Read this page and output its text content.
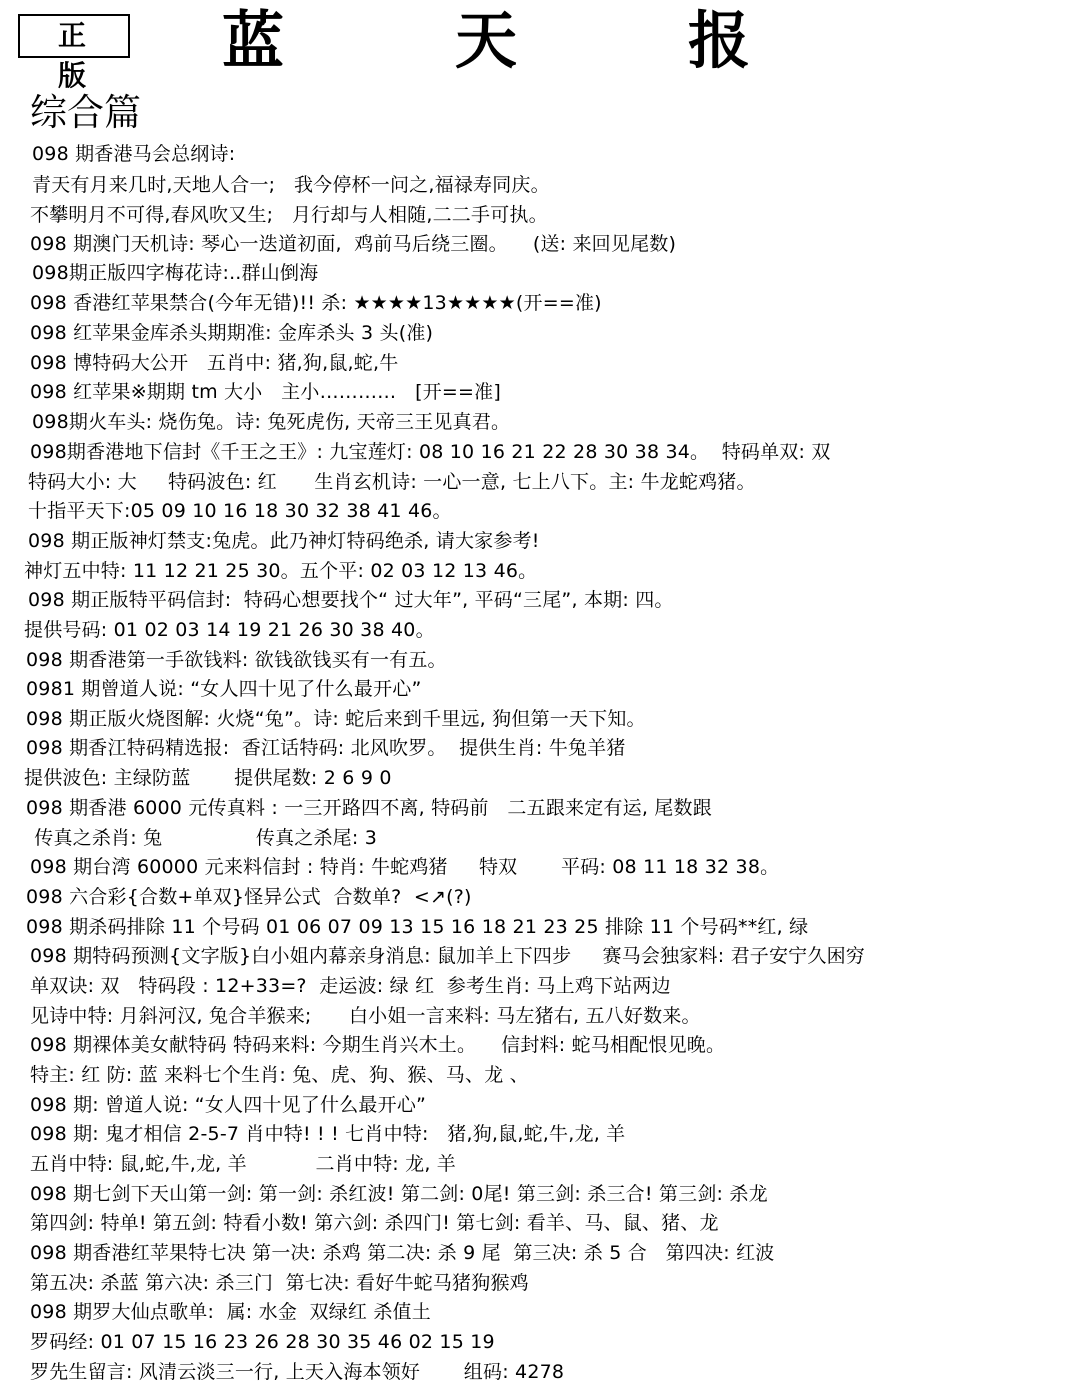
正 版	蓝	天	报
综合篇
098 期香港马会总纲诗:
青天有月来几时,天地人合一;   我今停杯一问之,福禄寿同庆。
不攀明月不可得,春风吹又生;   月行却与人相随,二二手可执。
098 期澳门天机诗: 琴心一迭道初面,  鸡前马后绕三圈。    (送: 来回见尾数)
098期正版四字梅花诗:..群山倒海
098 香港红苹果禁合(今年无错)!! 杀: ★★★★13★★★★(开==准)
098 红苹果金库杀头期期准: 金库杀头 3 头(准)
098 博特码大公开   五肖中: 猪,狗,鼠,蛇,牛
098 红苹果※期期 tm 大小   主小…………   [开==准]
098期火车头: 烧伤兔。诗: 兔死虎伤, 天帝三王见真君。
098期香港地下信封《千王之王》: 九宝莲灯: 08 10 16 21 22 28 30 38 34。  特码单双: 双
特码大小: 大     特码波色: 红      生肖玄机诗: 一心一意, 七上八下。主: 牛龙蛇鸡猪。
十指平天下:05 09 10 16 18 30 32 38 41 46。
098 期正版神灯禁支:兔虎。此乃神灯特码绝杀, 请大家参考!
神灯五中特: 11 12 21 25 30。五个平: 02 03 12 13 46。
098 期正版特平码信封:  特码心想要找个“ 过大年”, 平码“三尾”, 本期: 四。
提供号码: 01 02 03 14 19 21 26 30 38 40。
098 期香港第一手欲钱料: 欲钱欲钱买有一有五。
0981 期曾道人说: “女人四十见了什么最开心”
098 期正版火烧图解: 火烧“兔”。诗: 蛇后来到千里远, 狗但第一天下知。
098 期香江特码精选报:  香江话特码: 北风吹罗。  提供生肖: 牛兔羊猪
提供波色: 主绿防蓝       提供尾数: 2 6 9 0
098 期香港 6000 元传真料 : 一三开路四不离, 特码前   二五跟来定有运, 尾数跟
传真之杀肖: 兔               传真之杀尾: 3
098 期台湾 60000 元来料信封 : 特肖: 牛蛇鸡猪     特双       平码: 08 11 18 32 38。
098 六合彩{合数+单双}怪异公式  合数单?  <↗(?)
098 期杀码排除 11 个号码 01 06 07 09 13 15 16 18 21 23 25 排除 11 个号码**红, 绿
098 期特码预测{文字版}白小姐内幕亲身消息: 鼠加羊上下四步     赛马会独家料: 君子安宁久困穷
单双诀: 双   特码段 : 12+33=?  走运波: 绿 红  参考生肖: 马上鸡下站两边
见诗中特: 月斜河汉, 兔合羊猴来;      白小姐一言来料: 马左猪右, 五八好数来。
098 期裸体美女献特码 特码来料: 今期生肖兴木土。    信封料: 蛇马相配恨见晚。
特主: 红 防: 蓝 来料七个生肖: 兔、虎、狗、猴、马、龙 、
098 期: 曾道人说: “女人四十见了什么最开心”
098 期: 鬼才相信 2-5-7 肖中特! ! ! 七肖中特:   猪,狗,鼠,蛇,牛,龙, 羊
五肖中特: 鼠,蛇,牛,龙, 羊           二肖中特: 龙, 羊
098 期七剑下天山第一剑: 第一剑: 杀红波! 第二剑: 0尾! 第三剑: 杀三合! 第三剑: 杀龙
第四剑: 特单! 第五剑: 特看小数! 第六剑: 杀四门! 第七剑: 看羊、马、鼠、猪、龙
098 期香港红苹果特七决 第一决: 杀鸡 第二决: 杀 9 尾  第三决: 杀 5 合   第四决: 红波
第五决: 杀蓝 第六决: 杀三门  第七决: 看好牛蛇马猪狗猴鸡
098 期罗大仙点歌单:  属: 水金  双绿红 杀值土
罗码经: 01 07 15 16 23 26 28 30 35 46 02 15 19
罗先生留言: 风清云淡三一行, 上天入海本领好       组码: 4278
